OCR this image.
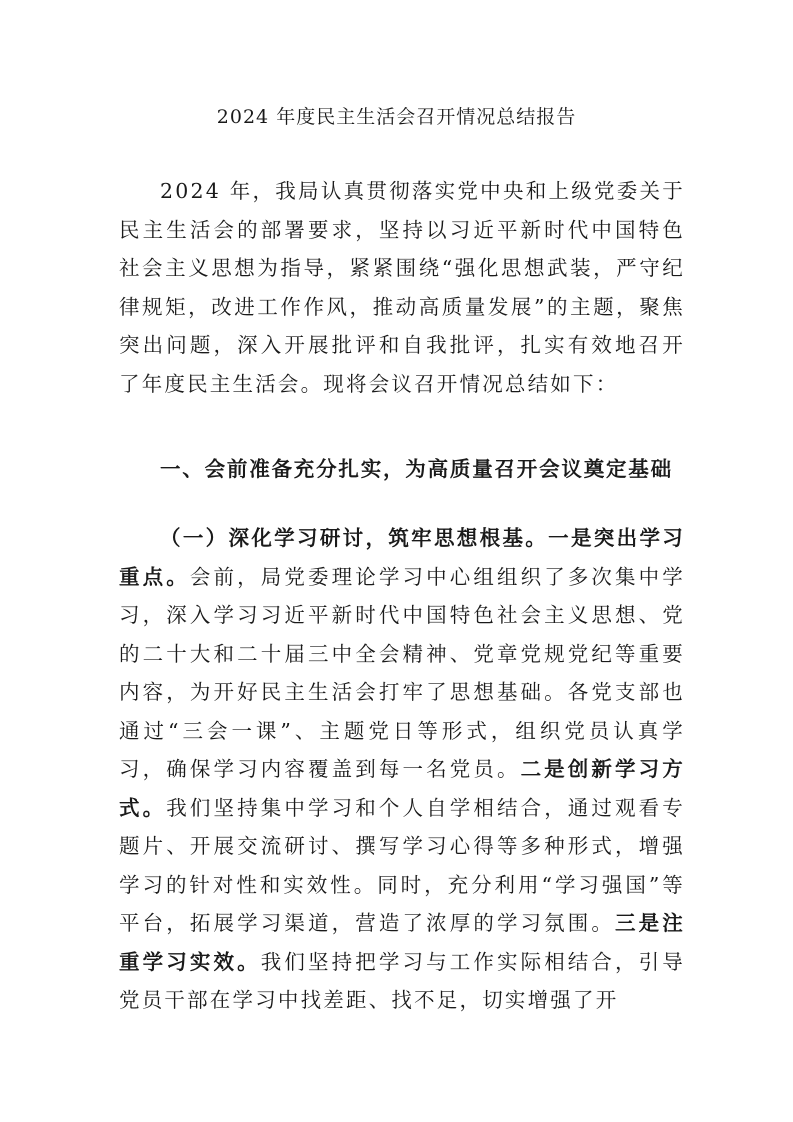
2024 年度民主生活会召开情况总结报告

2024 年，我局认真贯彻落实党中央和上级党委关于民主生活会的部署要求，坚持以习近平新时代中国特色社会主义思想为指导，紧紧围绕“强化思想武装，严守纪律规矩，改进工作作风，推动高质量发展”的主题，聚焦突出问题，深入开展批评和自我批评，扎实有效地召开了年度民主生活会。现将会议召开情况总结如下：

一、会前准备充分扎实，为高质量召开会议奠定基础

（一）深化学习研讨，筑牢思想根基。一是突出学习重点。会前，局党委理论学习中心组组织了多次集中学习，深入学习习近平新时代中国特色社会主义思想、党的二十大和二十届三中全会精神、党章党规党纪等重要内容，为开好民主生活会打牢了思想基础。各党支部也通过“三会一课”、主题党日等形式，组织党员认真学习，确保学习内容覆盖到每一名党员。二是创新学习方式。我们坚持集中学习和个人自学相结合，通过观看专题片、开展交流研讨、撰写学习心得等多种形式，增强学习的针对性和实效性。同时，充分利用“学习强国”等平台，拓展学习渠道，营造了浓厚的学习氛围。三是注重学习实效。我们坚持把学习与工作实际相结合，引导党员干部在学习中找差距、找不足，切实增强了开
